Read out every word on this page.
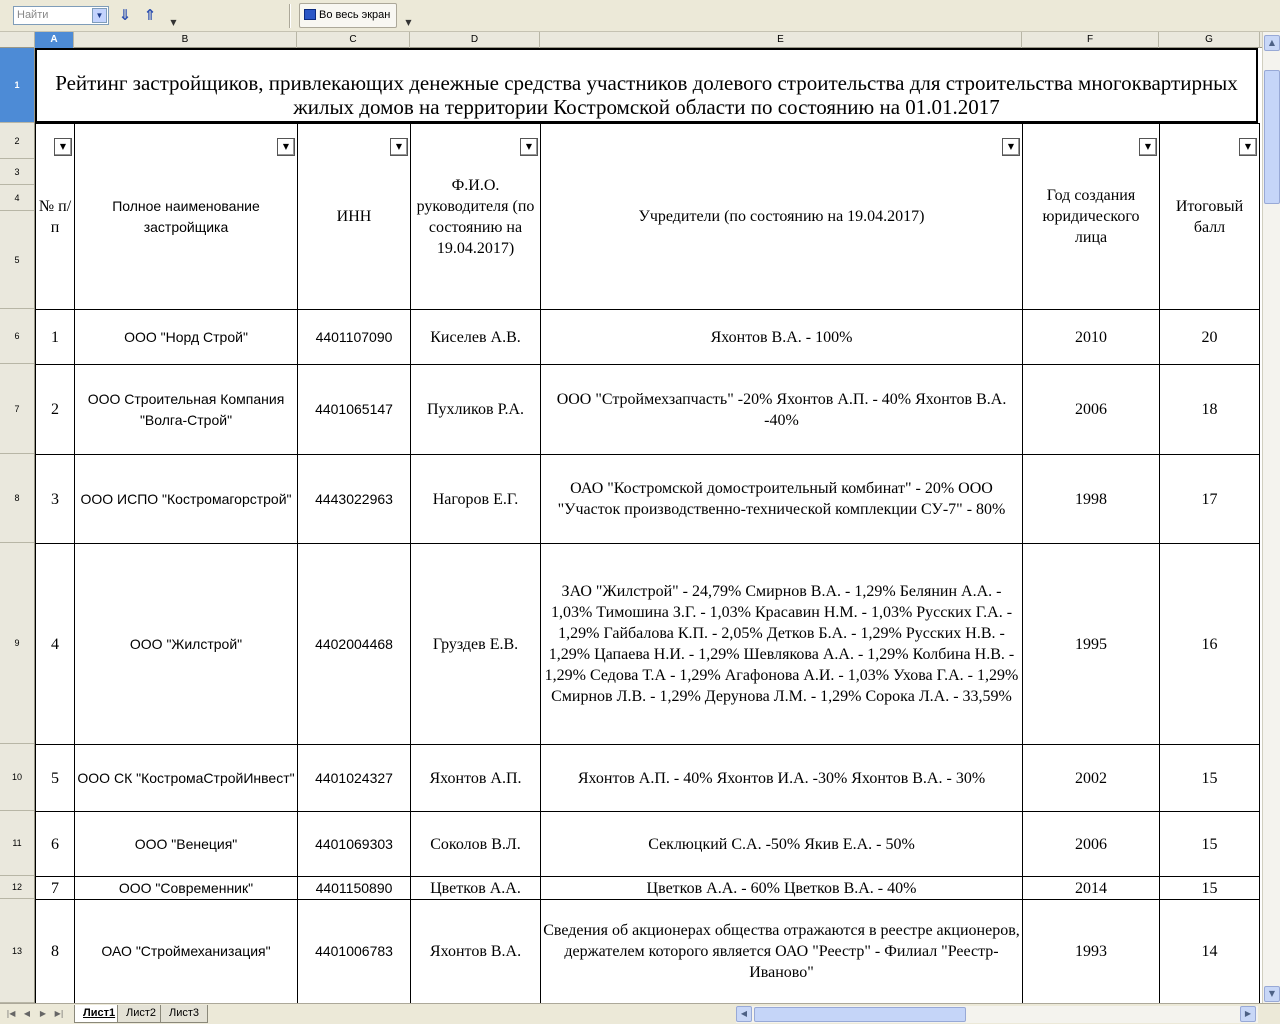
Найти	▼ ⇓ ⇑	▼
Во весь экран
▼
A	B	C	D	E	F	G
1
2
3
4
5
6
7
8
9
10
11
12
13
Рейтинг застройщиков, привлекающих денежные средства участников долевого строительства для строительства многоквартирных жилых домов на территории Костромской области по состоянию на 01.01.2017
№ п/п
▼	Полное наименование застройщика
▼	ИНН
▼	Ф.И.О. руководителя (по состоянию на 19.04.2017)
▼	Учредители (по состоянию на 19.04.2017)
▼	Год создания юридического лица
▼	Итоговый балл
▼

1	ООО "Норд Строй"	4401107090	Киселев А.В.	Яхонтов В.А. - 100%	2010	20
2	ООО Строительная Компания "Волга-Строй"	4401065147	Пухликов Р.А.	ООО "Строймехзапчасть" -20% Яхонтов А.П. - 40% Яхонтов В.А. -40%	2006	18
3	ООО ИСПО "Костромагорстрой"	4443022963	Нагоров Е.Г.	ОАО "Костромской домостроительный комбинат" - 20% ООО "Участок производственно-технической комплекции СУ-7" - 80%	1998	17
4	ООО "Жилстрой"	4402004468	Груздев Е.В.	ЗАО "Жилстрой" - 24,79% Смирнов В.А. - 1,29% Белянин А.А. - 1,03% Тимошина З.Г. - 1,03% Красавин Н.М. - 1,03% Русских Г.А. - 1,29% Гайбалова К.П. - 2,05% Детков Б.А. - 1,29% Русских Н.В. - 1,29% Цапаева Н.И. - 1,29% Шевлякова А.А. - 1,29% Колбина Н.В. - 1,29% Седова Т.А - 1,29% Агафонова А.И. - 1,03% Ухова Г.А. - 1,29% Смирнов Л.В. - 1,29% Дерунова Л.М. - 1,29% Сорока Л.А. - 33,59%	1995	16
5	ООО СК "КостромаСтройИнвест"	4401024327	Яхонтов А.П.	Яхонтов А.П. - 40% Яхонтов И.А. -30% Яхонтов В.А. - 30%	2002	15
6	ООО "Венеция"	4401069303	Соколов В.Л.	Секлюцкий С.А. -50% Якив Е.А. - 50%	2006	15
7	ООО "Современник"	4401150890	Цветков А.А.	Цветков А.А. - 60% Цветков В.А. - 40%	2014	15
8	ОАО "Строймеханизация"	4401006783	Яхонтов В.А.	Сведения об акционерах общества отражаются в реестре акционеров, держателем которого является ОАО "Реестр" - Филиал "Реестр-Иваново"	1993	14
▲
▼
|◀	◀	▶	▶|	Лист1 Лист2	Лист3	◀	▶
